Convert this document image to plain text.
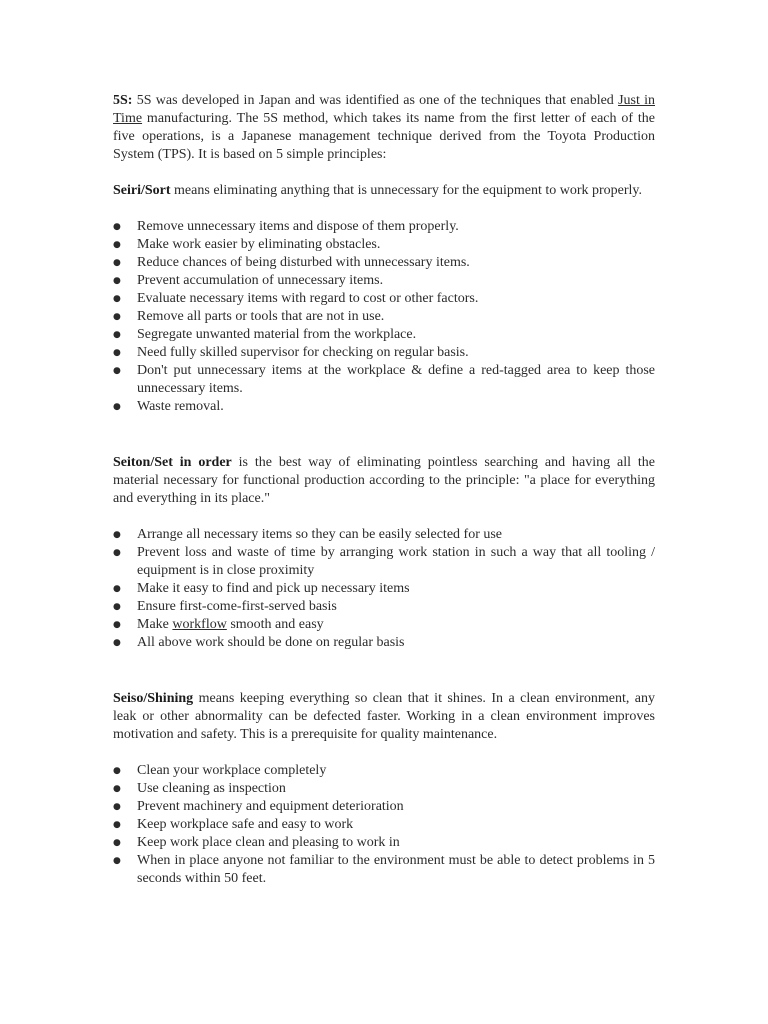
5S: 5S was developed in Japan and was identified as one of the techniques that enabled Just in Time manufacturing. The 5S method, which takes its name from the first letter of each of the five operations, is a Japanese management technique derived from the Toyota Production System (TPS). It is based on 5 simple principles:

Seiri/Sort means eliminating anything that is unnecessary for the equipment to work properly.

●	Remove unnecessary items and dispose of them properly.
●	Make work easier by eliminating obstacles.
●	Reduce chances of being disturbed with unnecessary items.
●	Prevent accumulation of unnecessary items.
●	Evaluate necessary items with regard to cost or other factors.
●	Remove all parts or tools that are not in use.
●	Segregate unwanted material from the workplace.
●	Need fully skilled supervisor for checking on regular basis.
●	Don't put unnecessary items at the workplace & define a red-tagged area to keep those unnecessary items.
●	Waste removal.

Seiton/Set in order is the best way of eliminating pointless searching and having all the material necessary for functional production according to the principle: "a place for everything and everything in its place."

●	Arrange all necessary items so they can be easily selected for use
●	Prevent loss and waste of time by arranging work station in such a way that all tooling / equipment is in close proximity
●	Make it easy to find and pick up necessary items
●	Ensure first-come-first-served basis
●	Make workflow smooth and easy
●	All above work should be done on regular basis

Seiso/Shining means keeping everything so clean that it shines. In a clean environment, any leak or other abnormality can be defected faster. Working in a clean environment improves motivation and safety. This is a prerequisite for quality maintenance.

●	Clean your workplace completely
●	Use cleaning as inspection
●	Prevent machinery and equipment deterioration
●	Keep workplace safe and easy to work
●	Keep work place clean and pleasing to work in
●	When in place anyone not familiar to the environment must be able to detect problems in 5 seconds within 50 feet.
